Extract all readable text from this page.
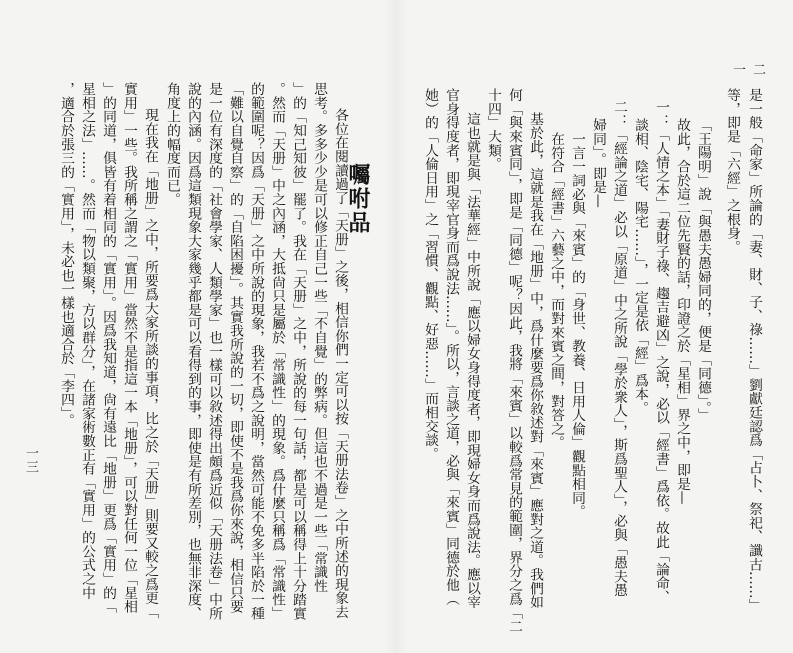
一二
是一般「命家」所論的「妻、財、子、祿……」劉獻廷認爲「占卜、祭祀、讖古……」
等，即是「六經」之根身。
「王陽明」說「與愚夫愚婦同的，便是「同德」。」
故此，合於這二位先賢的話，印證之於「星相」界之中，即是—
一：「人情之本」「妻財子祿、趨吉避凶」之說，必以「經書」爲依。故此「論命、
談相、陰宅、陽宅……」，一定是依「經」爲本。
二：「經論之道」必以「原道」中之所說「學於衆人」，斯爲聖人」，必與「愚夫愚
婦同」。即是—
一言一詞必與「來賓」的「身世、教養、日用人倫」觀點相同。
在符合「經書」六藝之中，而對來賓之間，對答之。
基於此，這就是我在「地册」中，爲什麼要爲你敘述對「來賓」應對之道。我們如
何「與來賓同」，即是「同德」呢？因此，我將「來賓」以較爲常見的範圍，界分之爲「二
十四」大類。
這也就是與「法華經」中所說「應以婦女身得度者，即現婦女身而爲說法。應以宰
官身得度者，即現宰官身而爲說法……」。所以，言談之道，必與「來賓」同德於他（
她）的「人倫日用」之「習慣、觀點、好惡……」而相交談。
囑咐品
各位在閱讀過了「天册」之後，相信你們一定可以按「天册法卷」之中所述的現象去
思考。多多少少是可以修正自己一些「不自覺」的弊病。但這也不過是一些「常識性
」的「知己知彼」罷了。我在「天册」之中，所說的每一句話，都是可以稱得上十分踏實
。然而「天册」中之內涵，大抵尙只是屬於「常識性」的現象。爲什麼只稱爲「常識性」
的範圍呢？因爲「天册」之中所說的現象，我若不爲之說明，當然可能不免多半陷於一種
「難以自覺自察」的「自陷困擾」。其實我所說的一切，即使不是我爲你來說，相信只要
是一位有深度的「社會學家、人類學家」也一樣可以敘述得出頗爲近似「天册法卷」中所
說的內涵。因爲這類現象大家幾乎都是可以看得到的事，即使是有所差別，也無非深度、
角度上的幅度而已。
現在我在「地册」之中，所要爲大家所談的事項，比之於「天册」則要又較之爲更「
實用」一些。我所稱之謂之「實用」當然不是指這一本「地册」，可以對任何一位「星相
」的同道，俱皆有着相同的「實用」。因爲我知道，尙有遠比「地册」更爲「實用」的「
星相之法」……。然而「物以類聚，方以群分」，在諸家術數正有「實用」的公式之中
，適合於張三的「實用」，未必也一樣也適合於「李四」。
一三
